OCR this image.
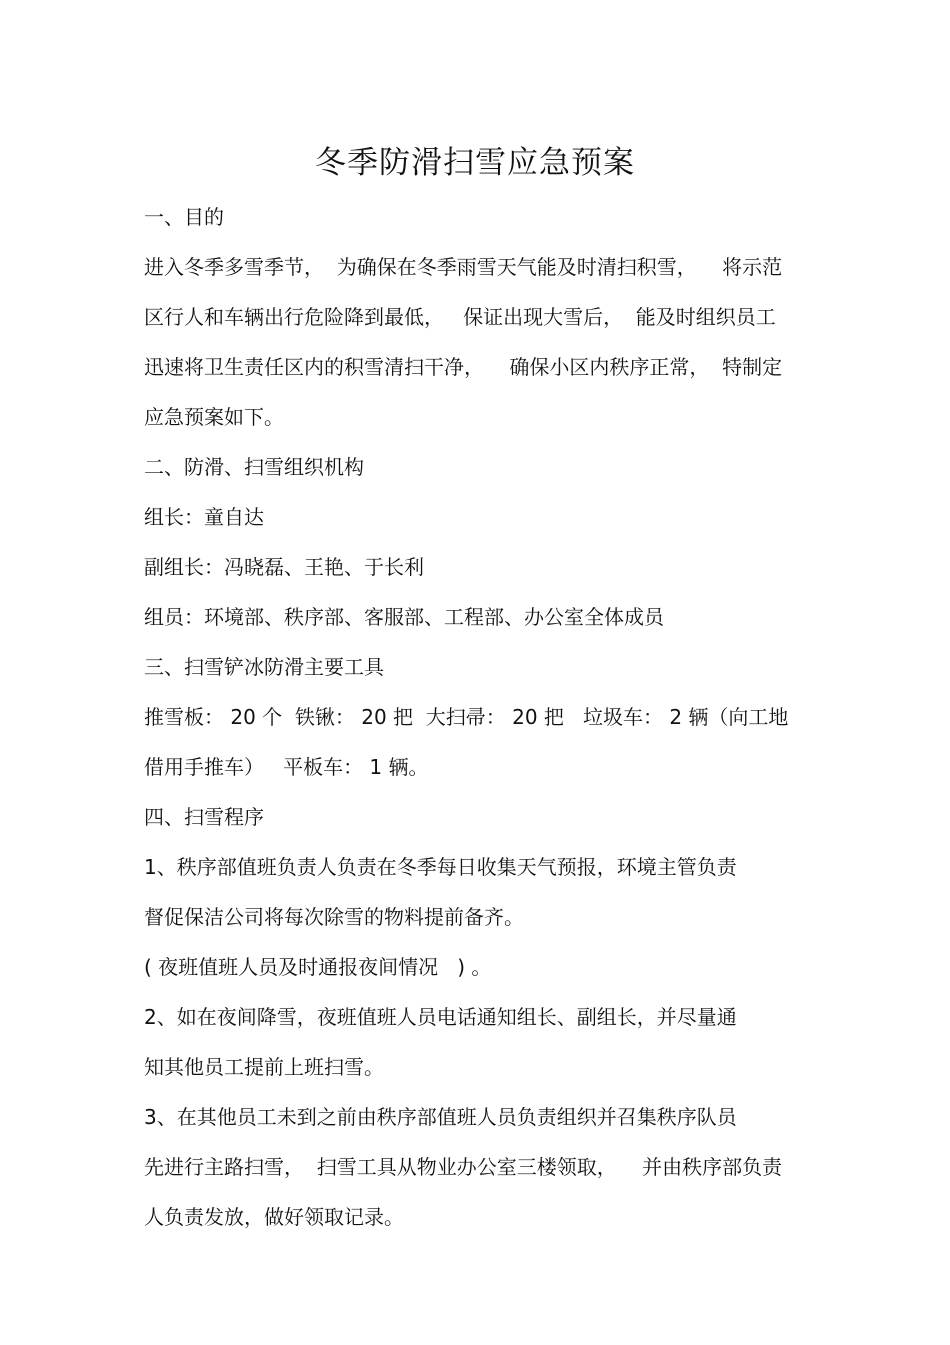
冬季防滑扫雪应急预案
一、目的
进入冬季多雪季节，  为确保在冬季雨雪天气能及时清扫积雪，    将示范
区行人和车辆出行危险降到最低，   保证出现大雪后，  能及时组织员工
迅速将卫生责任区内的积雪清扫干净，    确保小区内秩序正常，  特制定
应急预案如下。
二、防滑、扫雪组织机构
组长：童自达
副组长：冯晓磊、王艳、于长利
组员：环境部、秩序部、客服部、工程部、办公室全体成员
三、扫雪铲冰防滑主要工具
推雪板： 20 个  铁锹： 20 把  大扫帚： 20 把   垃圾车： 2 辆（向工地
借用手推车）   平板车： 1 辆。
四、扫雪程序
1、秩序部值班负责人负责在冬季每日收集天气预报，环境主管负责
督促保洁公司将每次除雪的物料提前备齐。
( 夜班值班人员及时通报夜间情况   ) 。
2、如在夜间降雪，夜班值班人员电话通知组长、副组长，并尽量通
知其他员工提前上班扫雪。
3、在其他员工未到之前由秩序部值班人员负责组织并召集秩序队员
先进行主路扫雪，  扫雪工具从物业办公室三楼领取，    并由秩序部负责
人负责发放，做好领取记录。
